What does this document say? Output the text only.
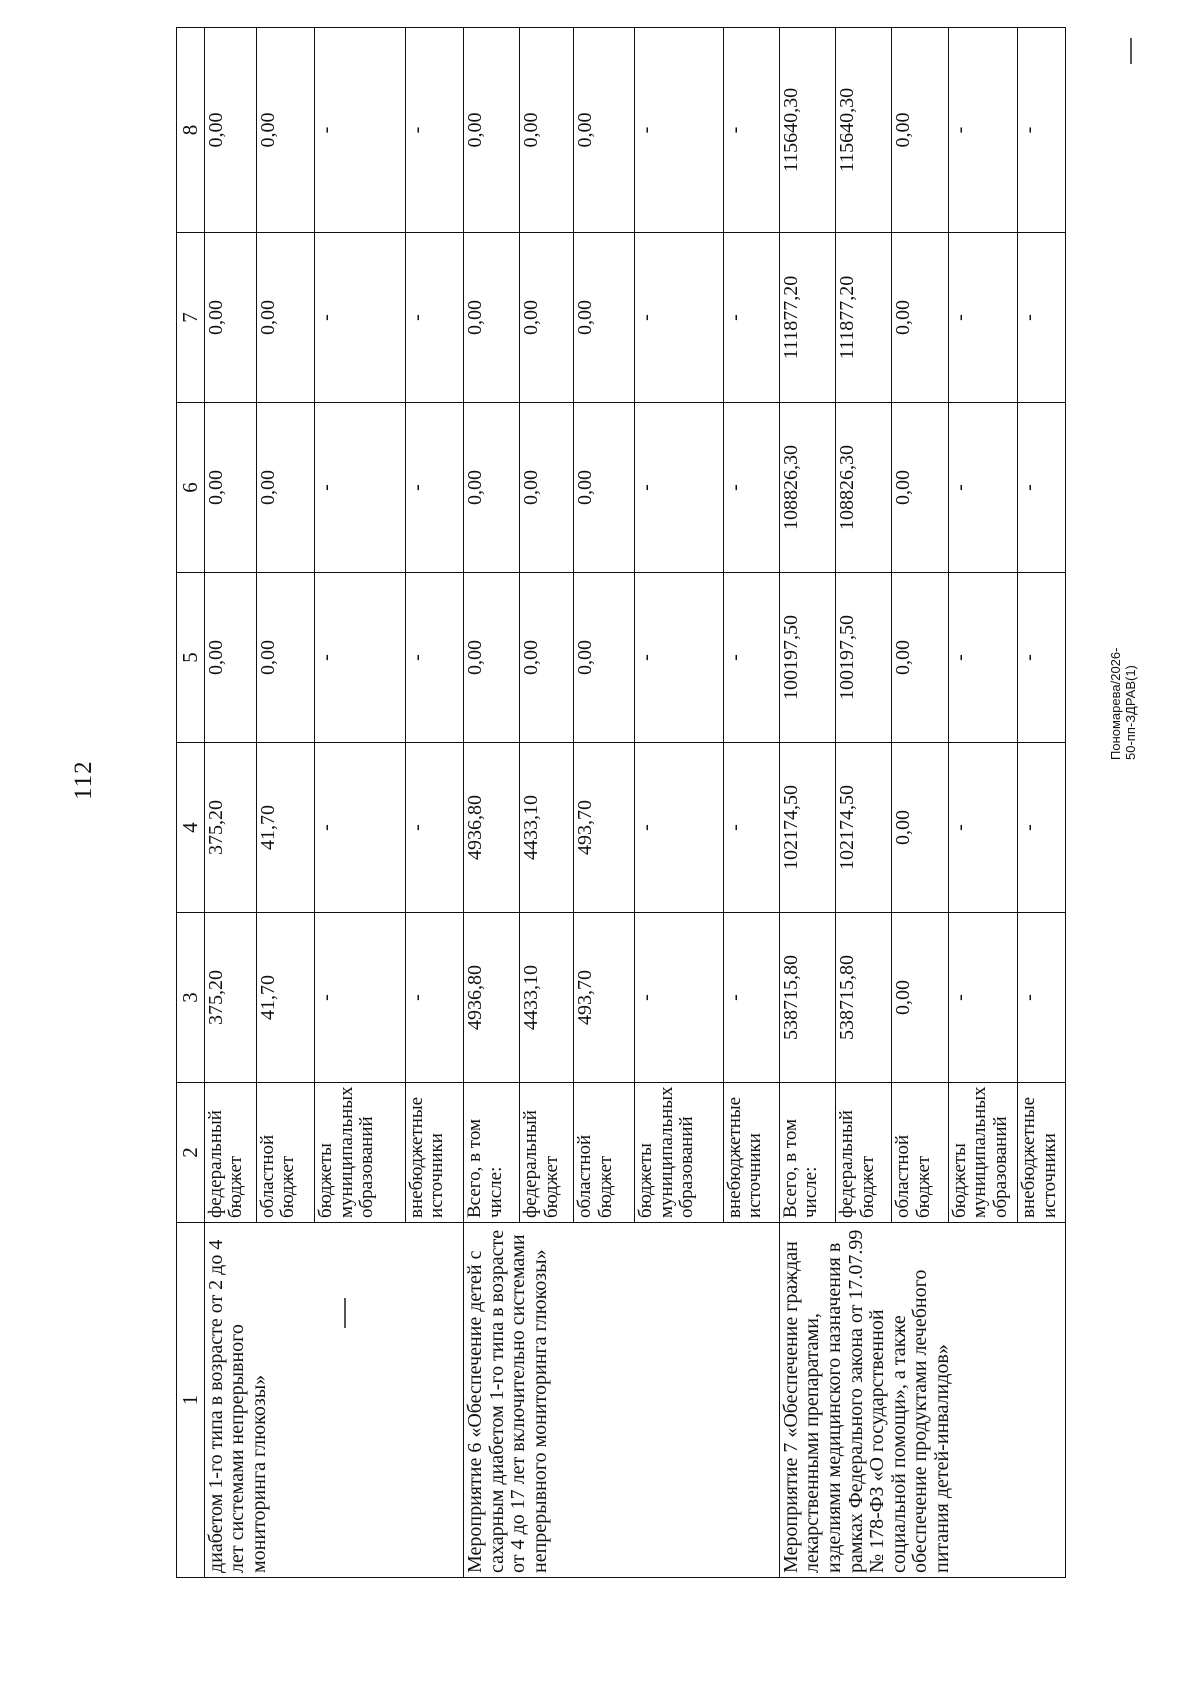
112
1	2	3	4	5	6	7	8
диабетом 1-го типа в возрасте от 2 до 4 лет системами непрерывного мониторинга глюкозы»	федеральный бюджет	375,20	375,20	0,00	0,00	0,00	0,00
	областной бюджет	41,70	41,70	0,00	0,00	0,00	0,00
	бюджеты муниципальных образований	-	-	-	-	-	-
	внебюджетные источники	-	-	-	-	-	-
Мероприятие 6 «Обеспечение детей с сахарным диабетом 1-го типа в возрасте от 4 до 17 лет включительно системами непрерывного мониторинга глюкозы»	Всего, в том числе:	4936,80	4936,80	0,00	0,00	0,00	0,00
	федеральный бюджет	4433,10	4433,10	0,00	0,00	0,00	0,00
	областной бюджет	493,70	493,70	0,00	0,00	0,00	0,00
	бюджеты муниципальных образований	-	-	-	-	-	-
	внебюджетные источники	-	-	-	-	-	-
Мероприятие 7 «Обеспечение граждан лекарственными препаратами, изделиями медицинского назначения в рамках Федерального закона от 17.07.99 № 178-ФЗ «О государственной социальной помощи», а также обеспечение продуктами лечебного питания детей-инвалидов»	Всего, в том числе:	538715,80	102174,50	100197,50	108826,30	111877,20	115640,30
	федеральный бюджет	538715,80	102174,50	100197,50	108826,30	111877,20	115640,30
	областной бюджет	0,00	0,00	0,00	0,00	0,00	0,00
	бюджеты муниципальных образований	-	-	-	-	-	-
	внебюджетные источники	-	-	-	-	-	-
Пономарева/2026-50-пп-ЗДРАВ(1)
